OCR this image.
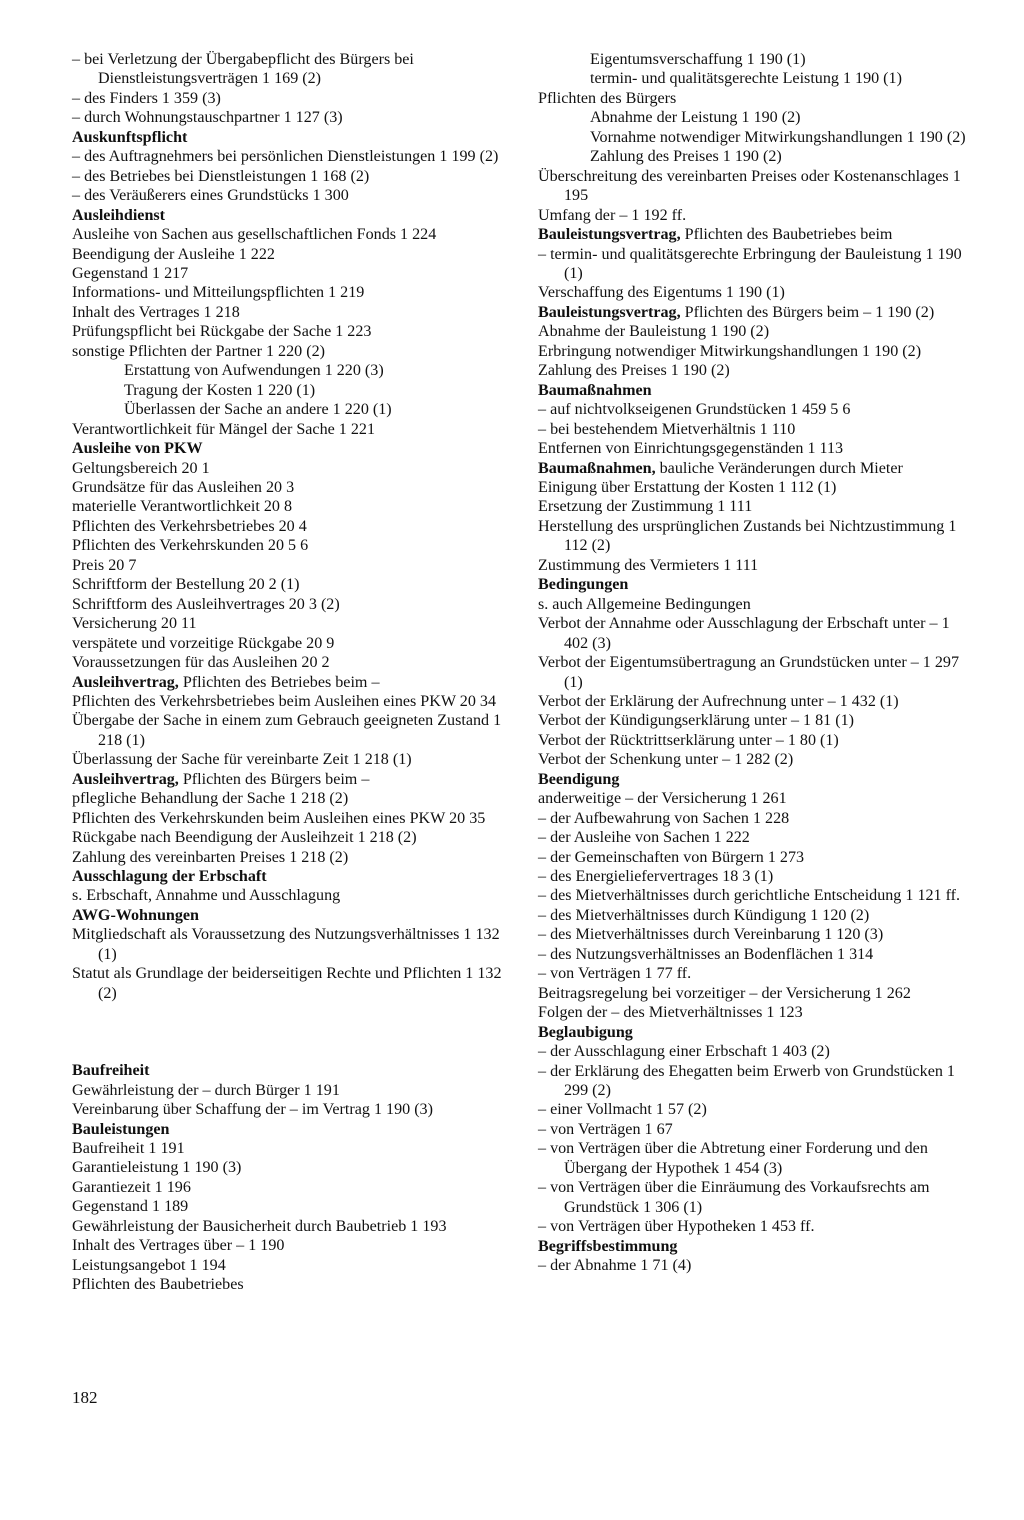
– bei Verletzung der Übergabepflicht des Bürgers bei Dienstleistungsverträgen 1 169 (2)
– des Finders 1 359 (3)
– durch Wohnungstauschpartner 1 127 (3)
Auskunftspflicht
– des Auftragnehmers bei persönlichen Dienstleistungen 1 199 (2)
– des Betriebes bei Dienstleistungen 1 168 (2)
– des Veräußerers eines Grundstücks 1 300
Ausleihdienst
Ausleihe von Sachen aus gesellschaftlichen Fonds 1 224
Beendigung der Ausleihe 1 222
Gegenstand 1 217
Informations- und Mitteilungspflichten 1 219
Inhalt des Vertrages 1 218
Prüfungspflicht bei Rückgabe der Sache 1 223
sonstige Pflichten der Partner 1 220 (2)
Erstattung von Aufwendungen 1 220 (3)
Tragung der Kosten 1 220 (1)
Überlassen der Sache an andere 1 220 (1)
Verantwortlichkeit für Mängel der Sache 1 221
Ausleihe von PKW
Geltungsbereich 20 1
Grundsätze für das Ausleihen 20 3
materielle Verantwortlichkeit 20 8
Pflichten des Verkehrsbetriebes 20 4
Pflichten des Verkehrskunden 20 5 6
Preis 20 7
Schriftform der Bestellung 20 2 (1)
Schriftform des Ausleihvertrages 20 3 (2)
Versicherung 20 11
verspätete und vorzeitige Rückgabe 20 9
Voraussetzungen für das Ausleihen 20 2
Ausleihvertrag, Pflichten des Betriebes beim –
Pflichten des Verkehrsbetriebes beim Ausleihen eines PKW 20 34
Übergabe der Sache in einem zum Gebrauch geeigneten Zustand 1 218 (1)
Überlassung der Sache für vereinbarte Zeit 1 218 (1)
Ausleihvertrag, Pflichten des Bürgers beim –
pflegliche Behandlung der Sache 1 218 (2)
Pflichten des Verkehrskunden beim Ausleihen eines PKW 20 35
Rückgabe nach Beendigung der Ausleihzeit 1 218 (2)
Zahlung des vereinbarten Preises 1 218 (2)
Ausschlagung der Erbschaft
s. Erbschaft, Annahme und Ausschlagung
AWG-Wohnungen
Mitgliedschaft als Voraussetzung des Nutzungsverhältnisses 1 132 (1)
Statut als Grundlage der beiderseitigen Rechte und Pflichten 1 132 (2)
Baufreiheit
Gewährleistung der – durch Bürger 1 191
Vereinbarung über Schaffung der – im Vertrag 1 190 (3)
Bauleistungen
Baufreiheit 1 191
Garantieleistung 1 190 (3)
Garantiezeit 1 196
Gegenstand 1 189
Gewährleistung der Bausicherheit durch Baubetrieb 1 193
Inhalt des Vertrages über – 1 190
Leistungsangebot 1 194
Pflichten des Baubetriebes
Eigentumsverschaffung 1 190 (1)
termin- und qualitätsgerechte Leistung 1 190 (1)
Pflichten des Bürgers
Abnahme der Leistung 1 190 (2)
Vornahme notwendiger Mitwirkungshandlungen 1 190 (2)
Zahlung des Preises 1 190 (2)
Überschreitung des vereinbarten Preises oder Kostenanschlages 1 195
Umfang der – 1 192 ff.
Bauleistungsvertrag, Pflichten des Baubetriebes beim
– termin- und qualitätsgerechte Erbringung der Bauleistung 1 190 (1)
Verschaffung des Eigentums 1 190 (1)
Bauleistungsvertrag, Pflichten des Bürgers beim – 1 190 (2)
Abnahme der Bauleistung 1 190 (2)
Erbringung notwendiger Mitwirkungshandlungen 1 190 (2)
Zahlung des Preises 1 190 (2)
Baumaßnahmen
– auf nichtvolkseigenen Grundstücken 1 459 5 6
– bei bestehendem Mietverhältnis 1 110
Entfernen von Einrichtungsgegenständen 1 113
Baumaßnahmen, bauliche Veränderungen durch Mieter
Einigung über Erstattung der Kosten 1 112 (1)
Ersetzung der Zustimmung 1 111
Herstellung des ursprünglichen Zustands bei Nichtzustimmung 1 112 (2)
Zustimmung des Vermieters 1 111
Bedingungen
s. auch Allgemeine Bedingungen
Verbot der Annahme oder Ausschlagung der Erbschaft unter – 1 402 (3)
Verbot der Eigentumsübertragung an Grundstücken unter – 1 297 (1)
Verbot der Erklärung der Aufrechnung unter – 1 432 (1)
Verbot der Kündigungserklärung unter – 1 81 (1)
Verbot der Rücktrittserklärung unter – 1 80 (1)
Verbot der Schenkung unter – 1 282 (2)
Beendigung
anderweitige – der Versicherung 1 261
– der Aufbewahrung von Sachen 1 228
– der Ausleihe von Sachen 1 222
– der Gemeinschaften von Bürgern 1 273
– des Energieliefervertrages 18 3 (1)
– des Mietverhältnisses durch gerichtliche Entscheidung 1 121 ff.
– des Mietverhältnisses durch Kündigung 1 120 (2)
– des Mietverhältnisses durch Vereinbarung 1 120 (3)
– des Nutzungsverhältnisses an Bodenflächen 1 314
– von Verträgen 1 77 ff.
Beitragsregelung bei vorzeitiger – der Versicherung 1 262
Folgen der – des Mietverhältnisses 1 123
Beglaubigung
– der Ausschlagung einer Erbschaft 1 403 (2)
– der Erklärung des Ehegatten beim Erwerb von Grundstücken 1 299 (2)
– einer Vollmacht 1 57 (2)
– von Verträgen 1 67
– von Verträgen über die Abtretung einer Forderung und den Übergang der Hypothek 1 454 (3)
– von Verträgen über die Einräumung des Vorkaufsrechts am Grundstück 1 306 (1)
– von Verträgen über Hypotheken 1 453 ff.
Begriffsbestimmung
– der Abnahme 1 71 (4)
182
